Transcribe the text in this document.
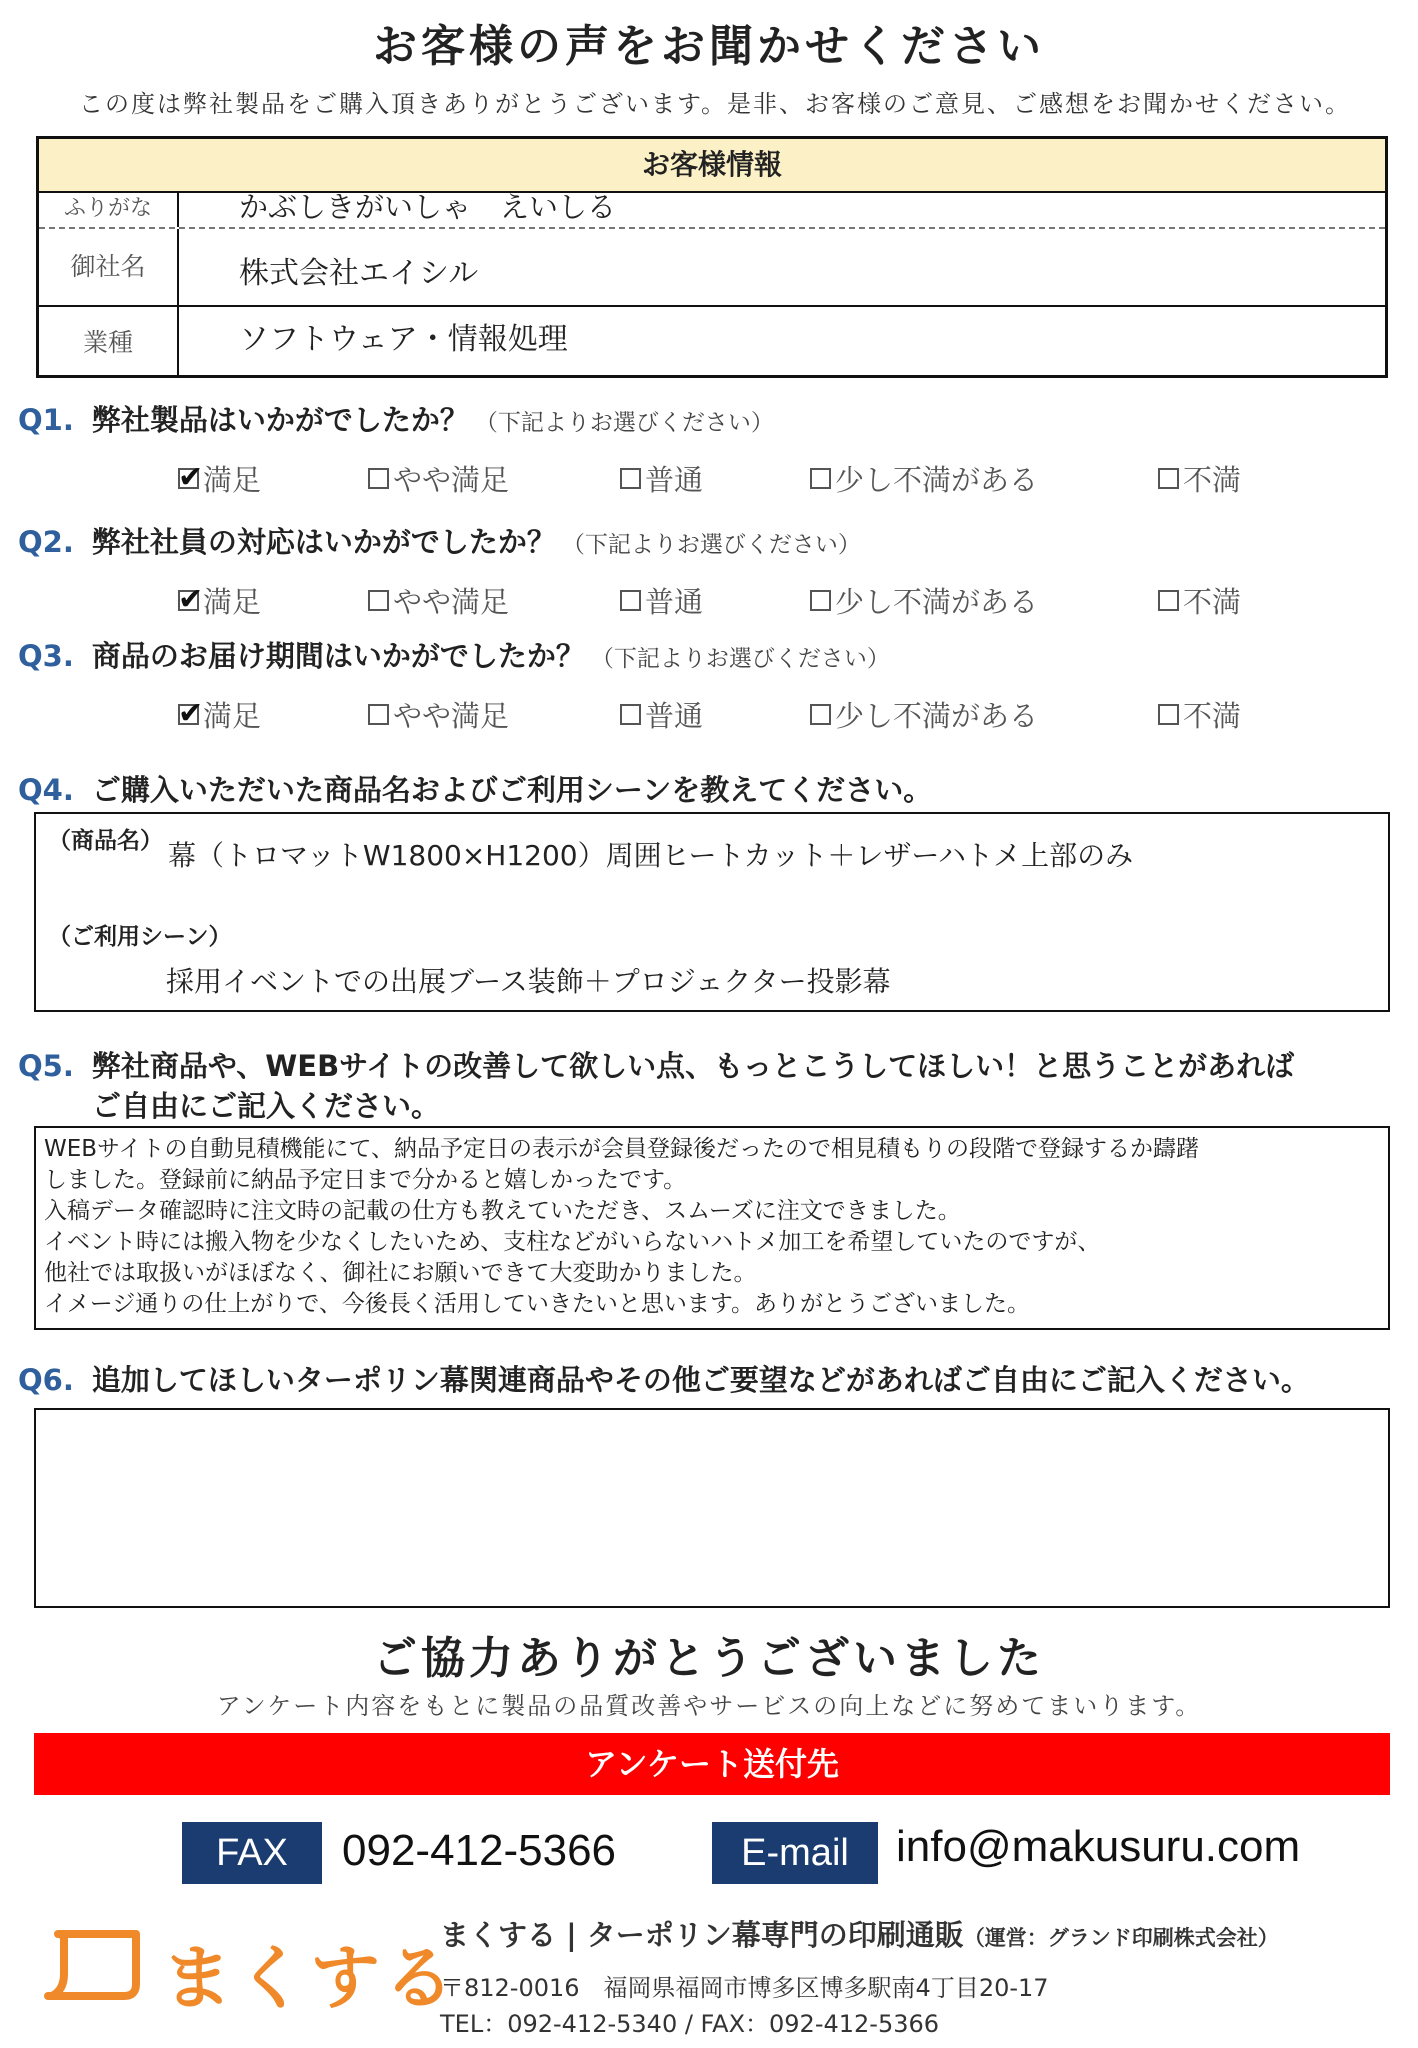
お客様の声をお聞かせください
この度は弊社製品をご購入頂きありがとうございます。是非、お客様のご意見、ご感想をお聞かせください。
お客様情報
ふりがな	かぶしきがいしゃ　えいしる
御社名	株式会社エイシル
業種	ソフトウェア・情報処理
Q1. 弊社製品はいかがでしたか？ （下記よりお選びください）
✔ 満足	やや満足	普通	少し不満がある	不満
Q2. 弊社社員の対応はいかがでしたか？ （下記よりお選びください）
✔ 満足	やや満足	普通	少し不満がある	不満
Q3. 商品のお届け期間はいかがでしたか？ （下記よりお選びください）
✔ 満足	やや満足	普通	少し不満がある	不満
Q4. ご購入いただいた商品名およびご利用シーンを教えてください。
（商品名） 幕（トロマットW1800×H1200）周囲ヒートカット＋レザーハトメ上部のみ
（ご利用シーン）
採用イベントでの出展ブース装飾＋プロジェクター投影幕
Q5. 弊社商品や、WEBサイトの改善して欲しい点、もっとこうしてほしい！と思うことがあれば
ご自由にご記入ください。
WEBサイトの自動見積機能にて、納品予定日の表示が会員登録後だったので相見積もりの段階で登録するか躊躇
しました。登録前に納品予定日まで分かると嬉しかったです。
入稿データ確認時に注文時の記載の仕方も教えていただき、スムーズに注文できました。
イベント時には搬入物を少なくしたいため、支柱などがいらないハトメ加工を希望していたのですが、
他社では取扱いがほぼなく、御社にお願いできて大変助かりました。
イメージ通りの仕上がりで、今後長く活用していきたいと思います。ありがとうございました。
Q6. 追加してほしいターポリン幕関連商品やその他ご要望などがあればご自由にご記入ください。
ご協力ありがとうございました
アンケート内容をもとに製品の品質改善やサービスの向上などに努めてまいります。
アンケート送付先
FAX	092-412-5366	E-mail	info@makusuru.com
まくする
まくする | ターポリン幕専門の印刷通販（運営：グランド印刷株式会社）
〒812-0016　福岡県福岡市博多区博多駅南4丁目20-17
TEL：092-412-5340 / FAX：092-412-5366
